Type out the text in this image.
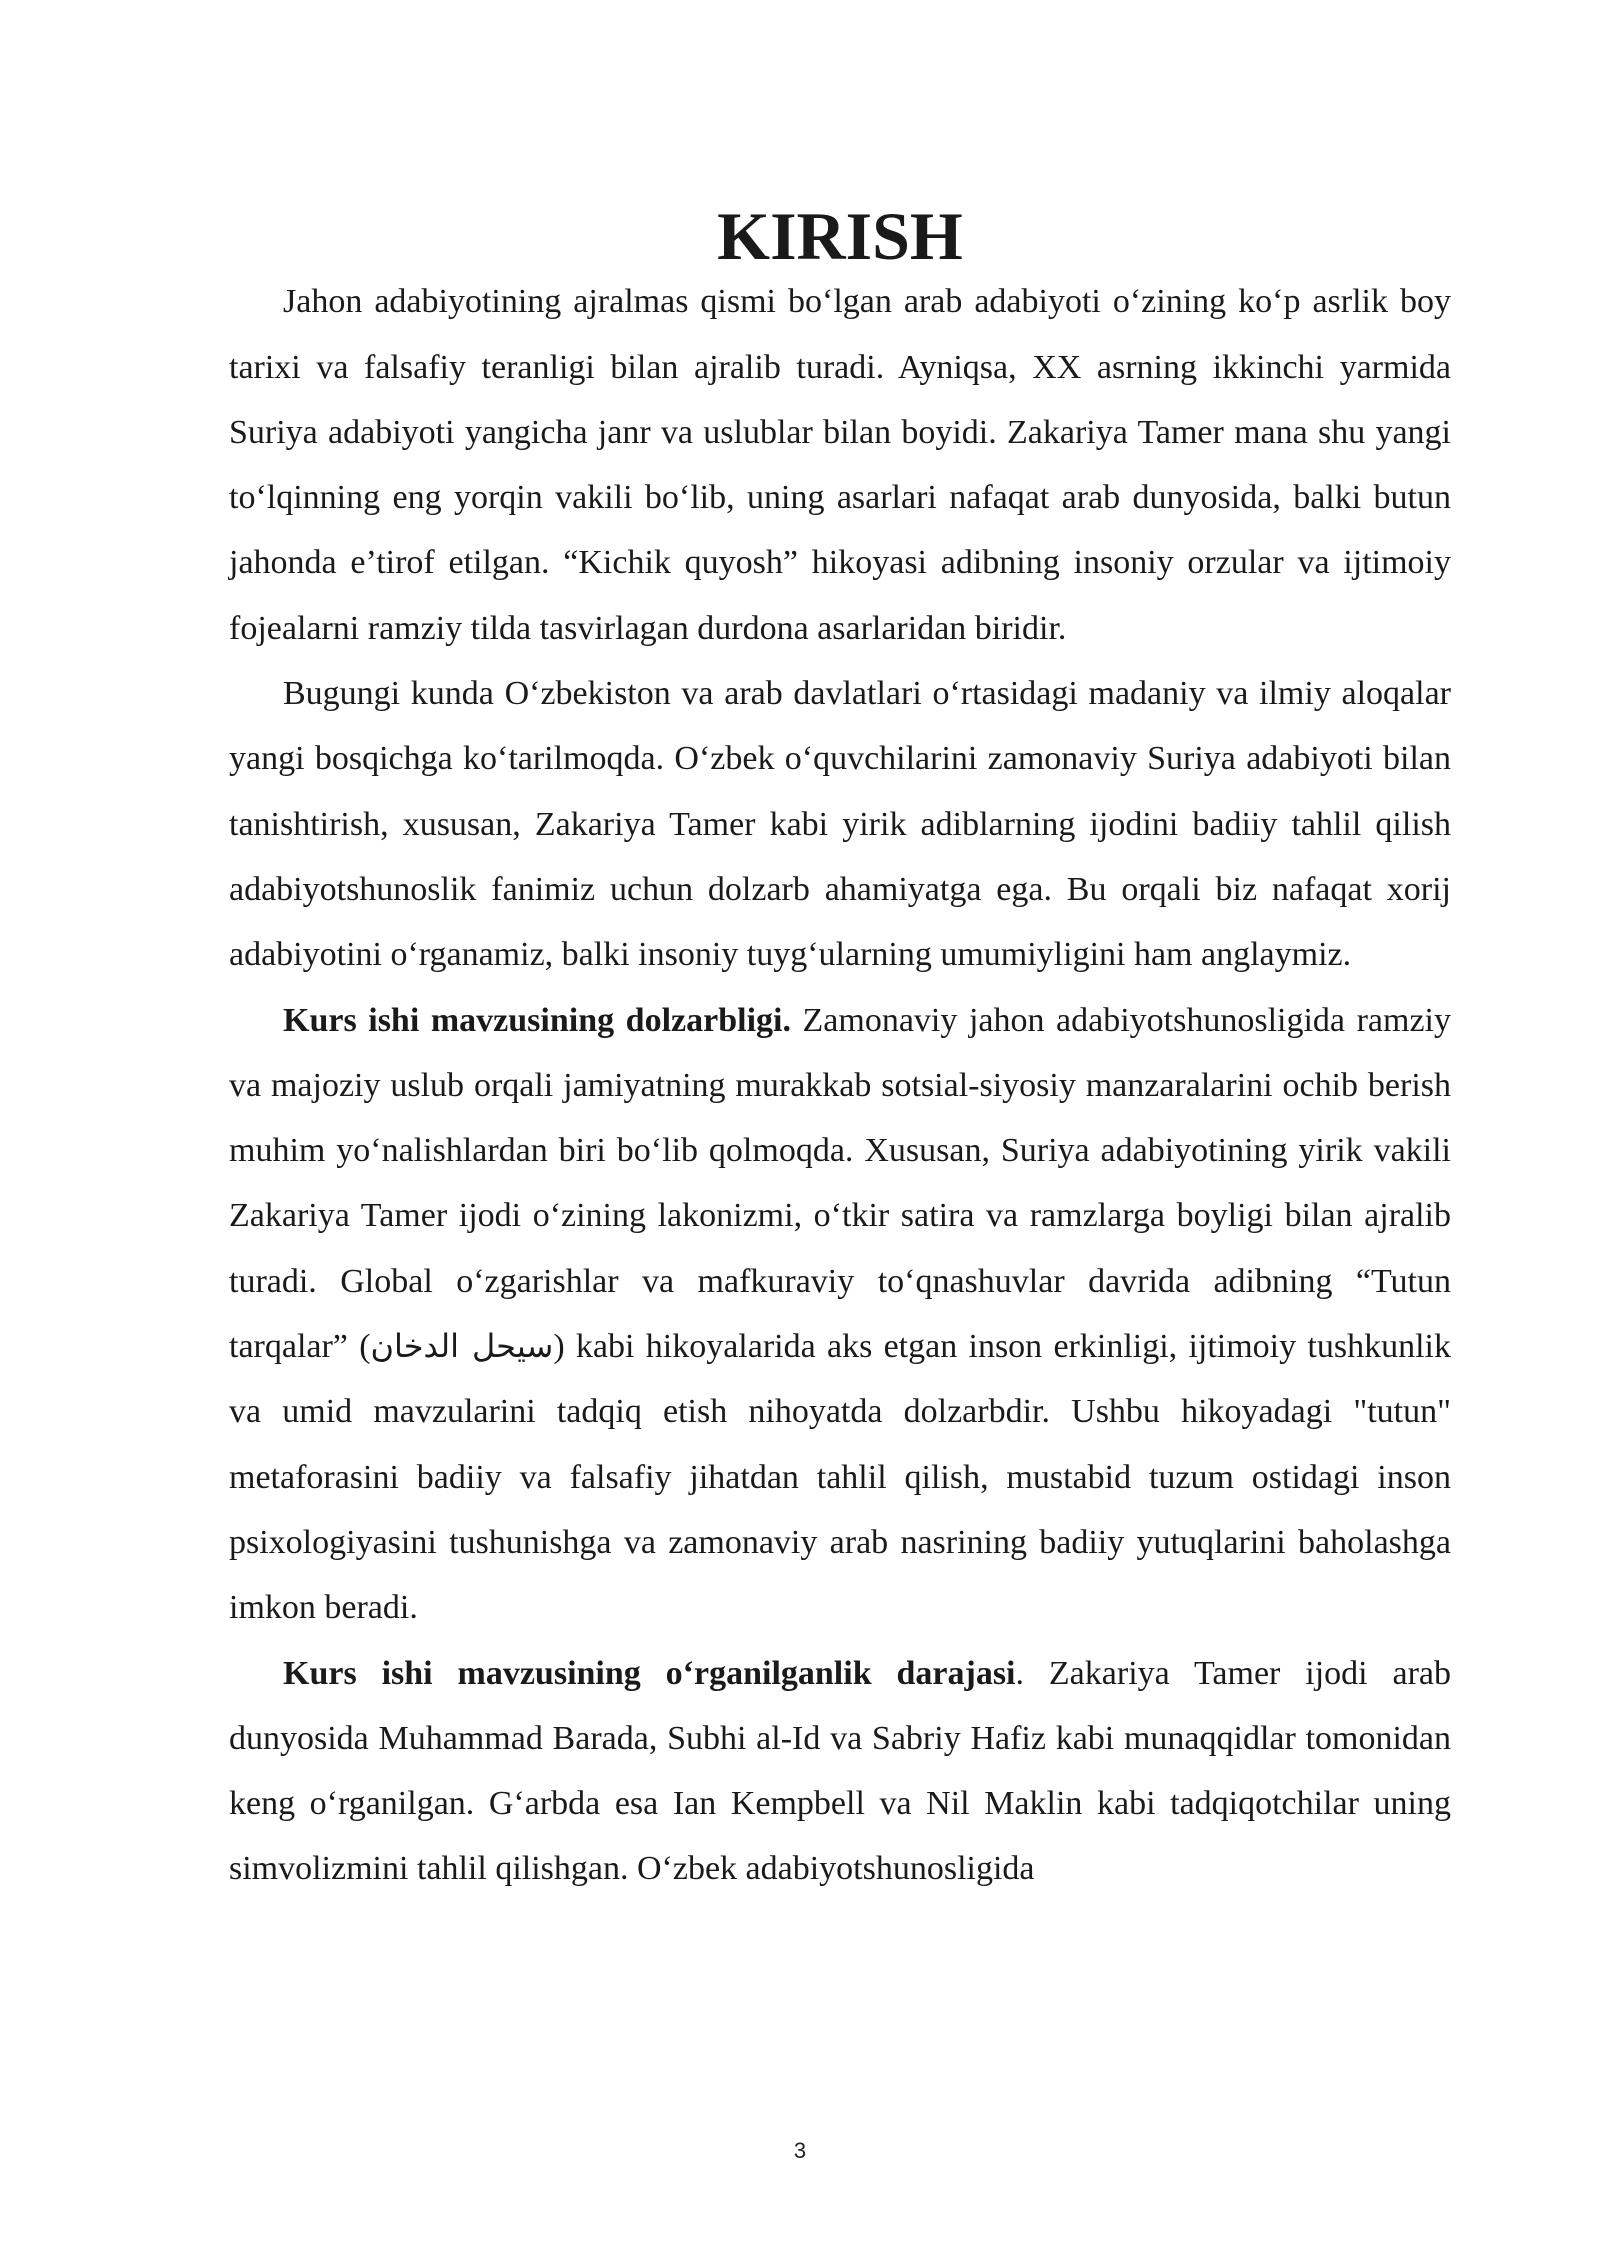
KIRISH

Jahon adabiyotining ajralmas qismi bo‘lgan arab adabiyoti o‘zining ko‘p asrlik boy tarixi va falsafiy teranligi bilan ajralib turadi. Ayniqsa, XX asrning ikkinchi yarmida Suriya adabiyoti yangicha janr va uslublar bilan boyidi. Zakariya Tamer mana shu yangi to‘lqinning eng yorqin vakili bo‘lib, uning asarlari nafaqat arab dunyosida, balki butun jahonda e’tirof etilgan. “Kichik quyosh” hikoyasi adibning insoniy orzular va ijtimoiy fojealarni ramziy tilda tasvirlagan durdona asarlaridan biridir.

Bugungi kunda O‘zbekiston va arab davlatlari o‘rtasidagi madaniy va ilmiy aloqalar yangi bosqichga ko‘tarilmoqda. O‘zbek o‘quvchilarini zamonaviy Suriya adabiyoti bilan tanishtirish, xususan, Zakariya Tamer kabi yirik adiblarning ijodini badiiy tahlil qilish adabiyotshunoslik fanimiz uchun dolzarb ahamiyatga ega. Bu orqali biz nafaqat xorij adabiyotini o‘rganamiz, balki insoniy tuyg‘ularning umumiyligini ham anglaymiz.

Kurs ishi mavzusining dolzarbligi. Zamonaviy jahon adabiyotshunosligida ramziy va majoziy uslub orqali jamiyatning murakkab sotsial-siyosiy manzaralarini ochib berish muhim yo‘nalishlardan biri bo‘lib qolmoqda. Xususan, Suriya adabiyotining yirik vakili Zakariya Tamer ijodi o‘zining lakonizmi, o‘tkir satira va ramzlarga boyligi bilan ajralib turadi. Global o‘zgarishlar va mafkuraviy to‘qnashuvlar davrida adibning “Tutun tarqalar” (سيحل الدخان) kabi hikoyalarida aks etgan inson erkinligi, ijtimoiy tushkunlik va umid mavzularini tadqiq etish nihoyatda dolzarbdir. Ushbu hikoyadagi "tutun" metaforasini badiiy va falsafiy jihatdan tahlil qilish, mustabid tuzum ostidagi inson psixologiyasini tushunishga va zamonaviy arab nasrining badiiy yutuqlarini baholashga imkon beradi.

Kurs ishi mavzusining o‘rganilganlik darajasi. Zakariya Tamer ijodi arab dunyosida Muhammad Barada, Subhi al-Id va Sabriy Hafiz kabi munaqqidlar tomonidan keng o‘rganilgan. G‘arbda esa Ian Kempbell va Nil Maklin kabi tadqiqotchilar uning simvolizmini tahlil qilishgan. O‘zbek adabiyotshunosligida

3
